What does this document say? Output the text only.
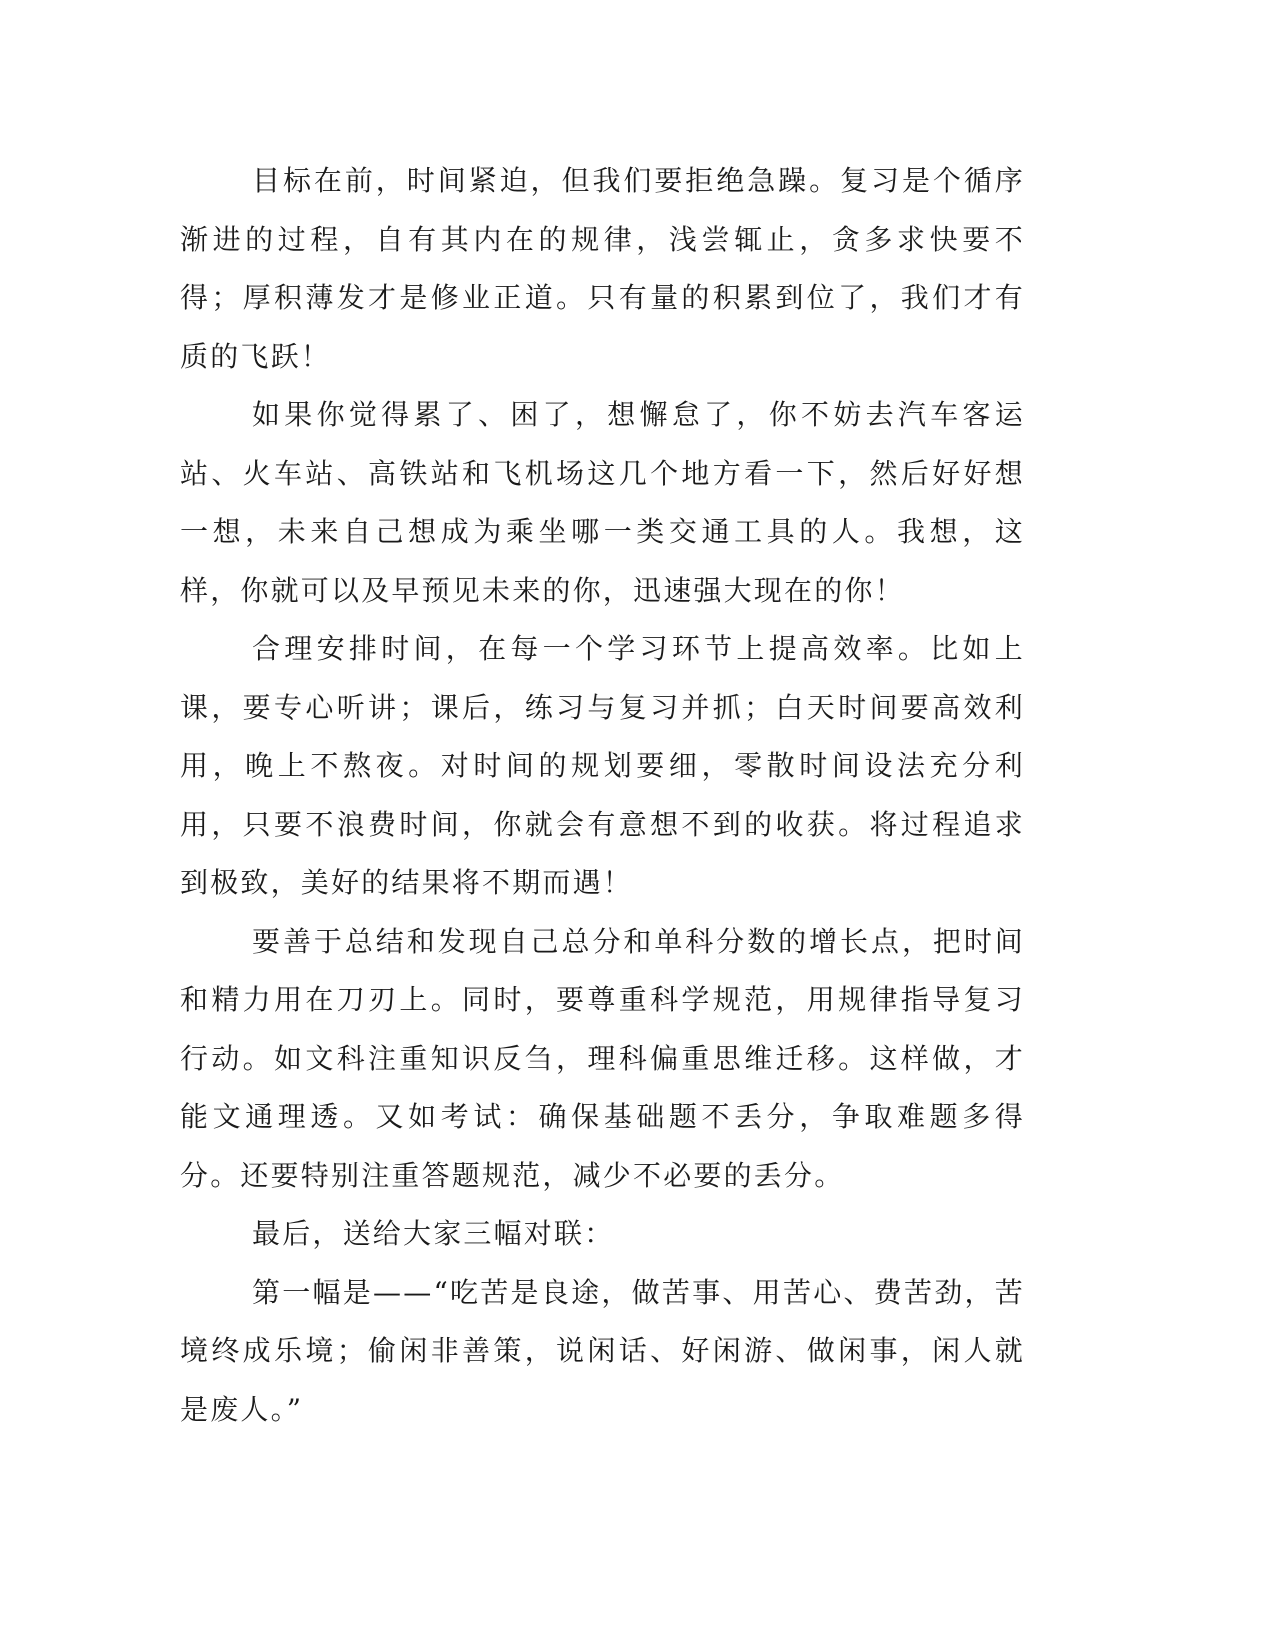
目标在前，时间紧迫，但我们要拒绝急躁。复习是个循序渐进的过程，自有其内在的规律，浅尝辄止，贪多求快要不得；厚积薄发才是修业正道。只有量的积累到位了，我们才有质的飞跃！

如果你觉得累了、困了，想懈怠了，你不妨去汽车客运站、火车站、高铁站和飞机场这几个地方看一下，然后好好想一想，未来自己想成为乘坐哪一类交通工具的人。我想，这样，你就可以及早预见未来的你，迅速强大现在的你！

合理安排时间，在每一个学习环节上提高效率。比如上课，要专心听讲；课后，练习与复习并抓；白天时间要高效利用，晚上不熬夜。对时间的规划要细，零散时间设法充分利用，只要不浪费时间，你就会有意想不到的收获。将过程追求到极致，美好的结果将不期而遇！

要善于总结和发现自己总分和单科分数的增长点，把时间和精力用在刀刃上。同时，要尊重科学规范，用规律指导复习行动。如文科注重知识反刍，理科偏重思维迁移。这样做，才能文通理透。又如考试：确保基础题不丢分，争取难题多得分。还要特别注重答题规范，减少不必要的丢分。

最后，送给大家三幅对联：

第一幅是——“吃苦是良途，做苦事、用苦心、费苦劲，苦境终成乐境；偷闲非善策，说闲话、好闲游、做闲事，闲人就是废人。”
